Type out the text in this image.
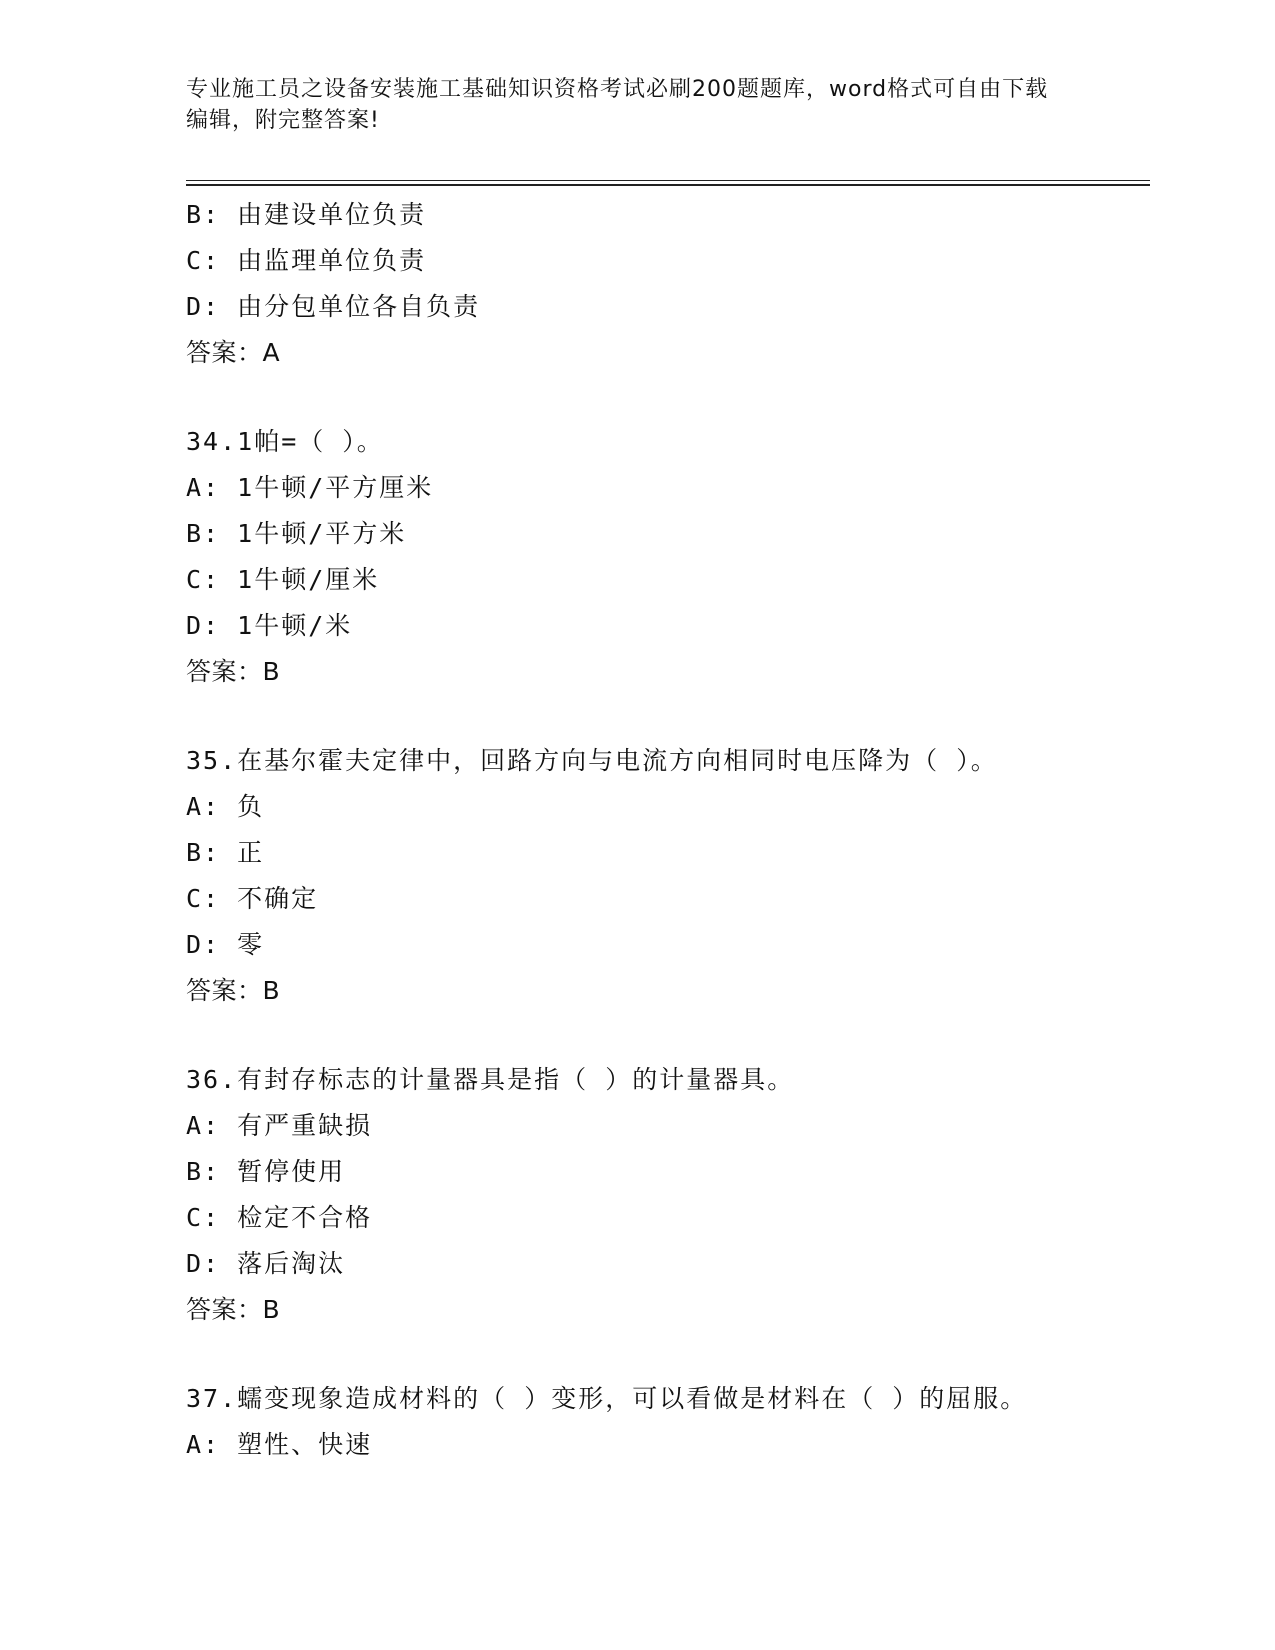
专业施工员之设备安装施工基础知识资格考试必刷200题题库，word格式可自由下载编辑，附完整答案!
B: 由建设单位负责
C: 由监理单位负责
D: 由分包单位各自负责
答案：A
34.1帕=（ ）。
A: 1牛顿/平方厘米
B: 1牛顿/平方米
C: 1牛顿/厘米
D: 1牛顿/米
答案：B
35.在基尔霍夫定律中，回路方向与电流方向相同时电压降为（ ）。
A: 负
B: 正
C: 不确定
D: 零
答案：B
36.有封存标志的计量器具是指（ ）的计量器具。
A: 有严重缺损
B: 暂停使用
C: 检定不合格
D: 落后淘汰
答案：B
37.蠕变现象造成材料的（ ）变形，可以看做是材料在（ ）的屈服。
A: 塑性、快速
